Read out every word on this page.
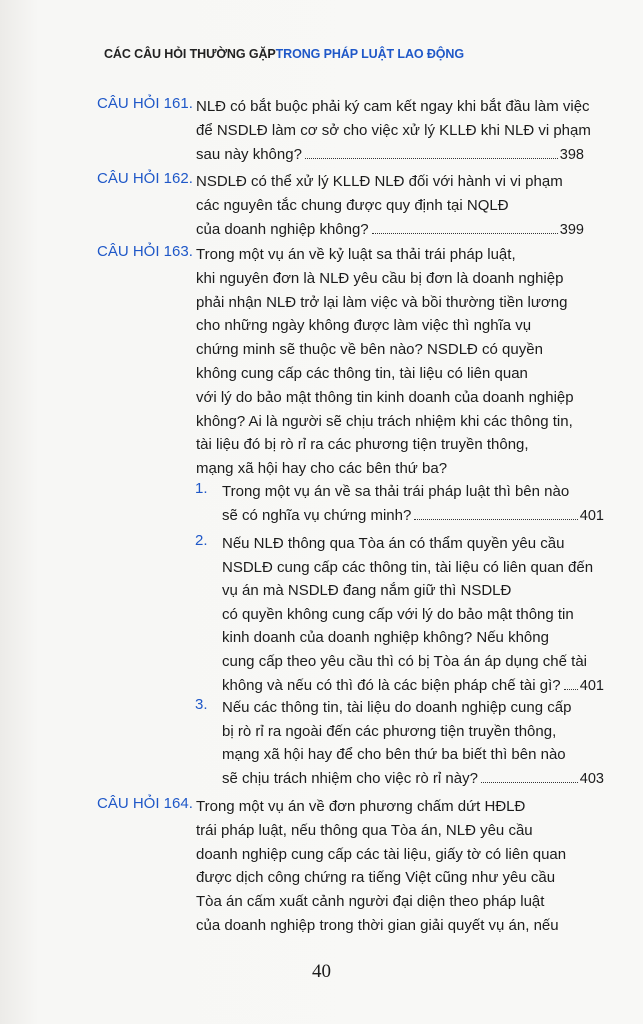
CÁC CÂU HỎI THƯỜNG GẶPTRONG PHÁP LUẬT LAO ĐỘNG
CÂU HỎI 161. NLĐ có bắt buộc phải ký cam kết ngay khi bắt đầu làm việc
để NSDLĐ làm cơ sở cho việc xử lý KLLĐ khi NLĐ vi phạm
sau này không?	398
CÂU HỎI 162. NSDLĐ có thể xử lý KLLĐ NLĐ đối với hành vi vi phạm
các nguyên tắc chung được quy định tại NQLĐ
của doanh nghiệp không?	399
CÂU HỎI 163. Trong một vụ án về kỷ luật sa thải trái pháp luật,
khi nguyên đơn là NLĐ yêu cầu bị đơn là doanh nghiệp
phải nhận NLĐ trở lại làm việc và bồi thường tiền lương
cho những ngày không được làm việc thì nghĩa vụ
chứng minh sẽ thuộc về bên nào? NSDLĐ có quyền
không cung cấp các thông tin, tài liệu có liên quan
với lý do bảo mật thông tin kinh doanh của doanh nghiệp
không? Ai là người sẽ chịu trách nhiệm khi các thông tin,
tài liệu đó bị rò rỉ ra các phương tiện truyền thông,
mạng xã hội hay cho các bên thứ ba?
1. Trong một vụ án về sa thải trái pháp luật thì bên nào
sẽ có nghĩa vụ chứng minh?	401
2. Nếu NLĐ thông qua Tòa án có thẩm quyền yêu cầu
NSDLĐ cung cấp các thông tin, tài liệu có liên quan đến
vụ án mà NSDLĐ đang nắm giữ thì NSDLĐ
có quyền không cung cấp với lý do bảo mật thông tin
kinh doanh của doanh nghiệp không? Nếu không
cung cấp theo yêu cầu thì có bị Tòa án áp dụng chế tài
không và nếu có thì đó là các biện pháp chế tài gì? 401
3. Nếu các thông tin, tài liệu do doanh nghiệp cung cấp
bị rò rỉ ra ngoài đến các phương tiện truyền thông,
mạng xã hội hay để cho bên thứ ba biết thì bên nào
sẽ chịu trách nhiệm cho việc rò rỉ này?	403
CÂU HỎI 164. Trong một vụ án về đơn phương chấm dứt HĐLĐ
trái pháp luật, nếu thông qua Tòa án, NLĐ yêu cầu
doanh nghiệp cung cấp các tài liệu, giấy tờ có liên quan
được dịch công chứng ra tiếng Việt cũng như yêu cầu
Tòa án cấm xuất cảnh người đại diện theo pháp luật
của doanh nghiệp trong thời gian giải quyết vụ án, nếu
40
